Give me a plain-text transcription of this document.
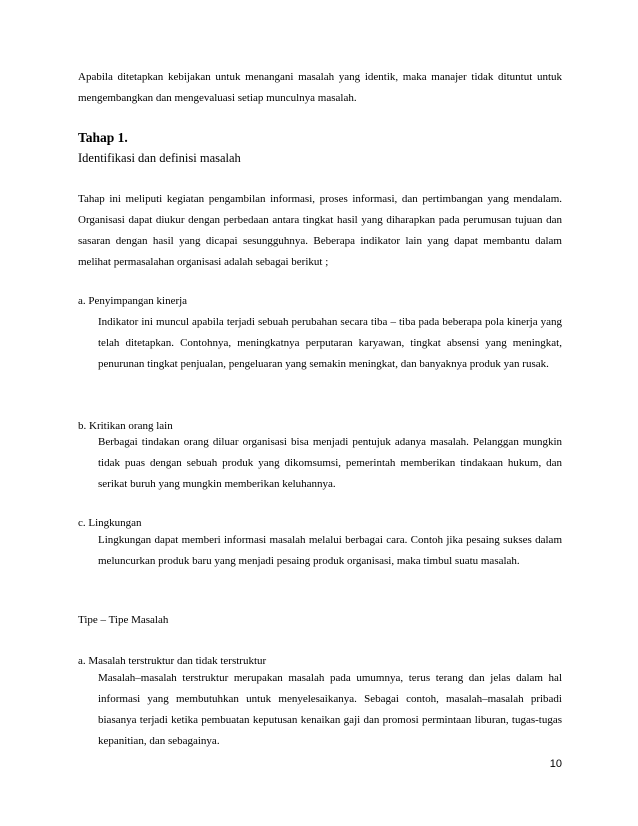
Apabila ditetapkan kebijakan untuk menangani masalah yang identik, maka manajer tidak dituntut untuk mengembangkan dan mengevaluasi setiap munculnya masalah.

Tahap 1.

Identifikasi dan definisi masalah

Tahap ini meliputi kegiatan pengambilan informasi, proses informasi, dan pertimbangan yang mendalam. Organisasi dapat diukur dengan perbedaan antara tingkat hasil yang diharapkan pada perumusan tujuan dan sasaran dengan hasil yang dicapai sesungguhnya. Beberapa indikator lain yang dapat membantu dalam melihat permasalahan organisasi adalah sebagai berikut ;

a. Penyimpangan kinerja

Indikator ini muncul apabila terjadi sebuah perubahan secara tiba – tiba pada beberapa pola kinerja yang telah ditetapkan. Contohnya, meningkatnya perputaran karyawan, tingkat absensi yang meningkat, penurunan tingkat penjualan, pengeluaran yang semakin meningkat, dan banyaknya produk yan rusak.

b. Kritikan orang lain

Berbagai tindakan orang diluar organisasi bisa menjadi pentujuk adanya masalah. Pelanggan mungkin tidak puas dengan sebuah produk yang dikomsumsi, pemerintah memberikan tindakaan hukum, dan serikat buruh yang mungkin memberikan keluhannya.

c. Lingkungan

Lingkungan dapat memberi informasi masalah melalui berbagai cara. Contoh jika pesaing sukses dalam meluncurkan produk baru yang menjadi pesaing produk organisasi, maka timbul suatu masalah.

Tipe – Tipe Masalah

a. Masalah terstruktur dan tidak terstruktur

Masalah–masalah terstruktur merupakan masalah pada umumnya, terus terang dan jelas dalam hal informasi yang membutuhkan untuk menyelesaikanya. Sebagai contoh, masalah–masalah pribadi biasanya terjadi ketika pembuatan keputusan kenaikan gaji dan promosi permintaan liburan, tugas-tugas kepanitian, dan sebagainya.

10
